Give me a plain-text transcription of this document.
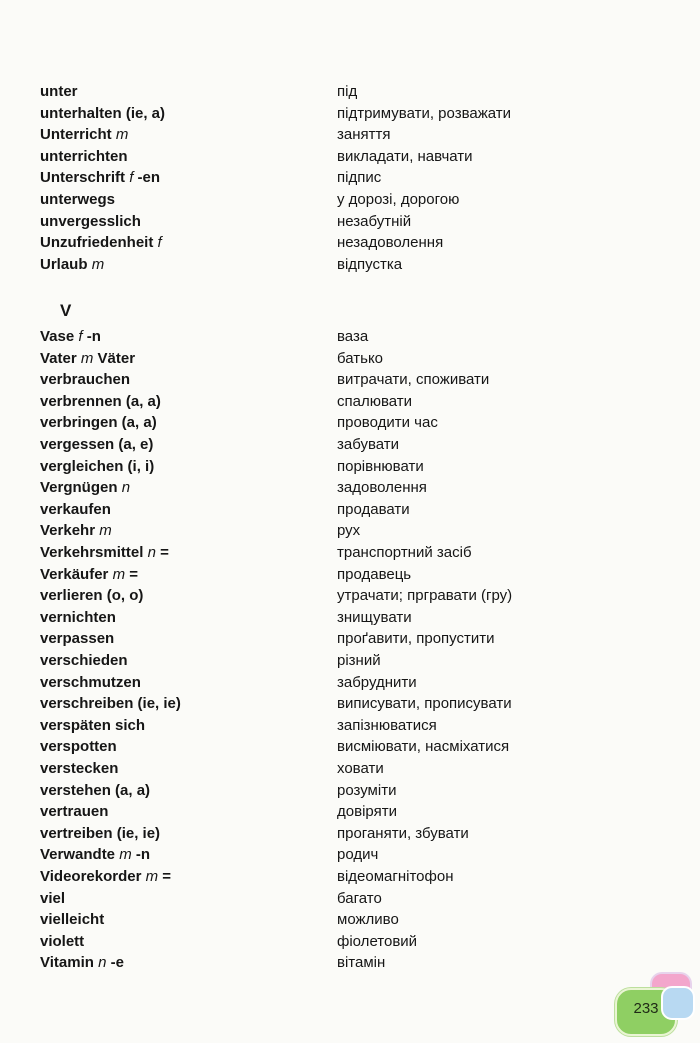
unter	під
unterhalten (ie, a)	підтримувати, розважати
Unterricht m	заняття
unterrichten	викладати, навчати
Unterschrift f -en	підпис
unterwegs	у дорозі, дорогою
unvergesslich	незабутній
Unzufriedenheit f	незадоволення
Urlaub m	відпустка
V
Vase f -n	ваза
Vater m Väter	батько
verbrauchen	витрачати, споживати
verbrennen (a, a)	спалювати
verbringen (a, a)	проводити час
vergessen (a, e)	забувати
vergleichen (i, i)	порівнювати
Vergnügen n	задоволення
verkaufen	продавати
Verkehr m	рух
Verkehrsmittel n =	транспортний засіб
Verkäufer m =	продавець
verlieren (o, o)	утрачати; пргравати (гру)
vernichten	знищувати
verpassen	проґавити, пропустити
verschieden	різний
verschmutzen	забруднити
verschreiben (ie, ie)	виписувати, прописувати
verspäten sich	запізнюватися
verspotten	висміювати, насміхатися
verstecken	ховати
verstehen (a, a)	розуміти
vertrauen	довіряти
vertreiben (ie, ie)	проганяти, збувати
Verwandte m -n	родич
Videorekorder m =	відеомагнітофон
viel	багато
vielleicht	можливо
violett	фіолетовий
Vitamin n -e	вітамін
233
